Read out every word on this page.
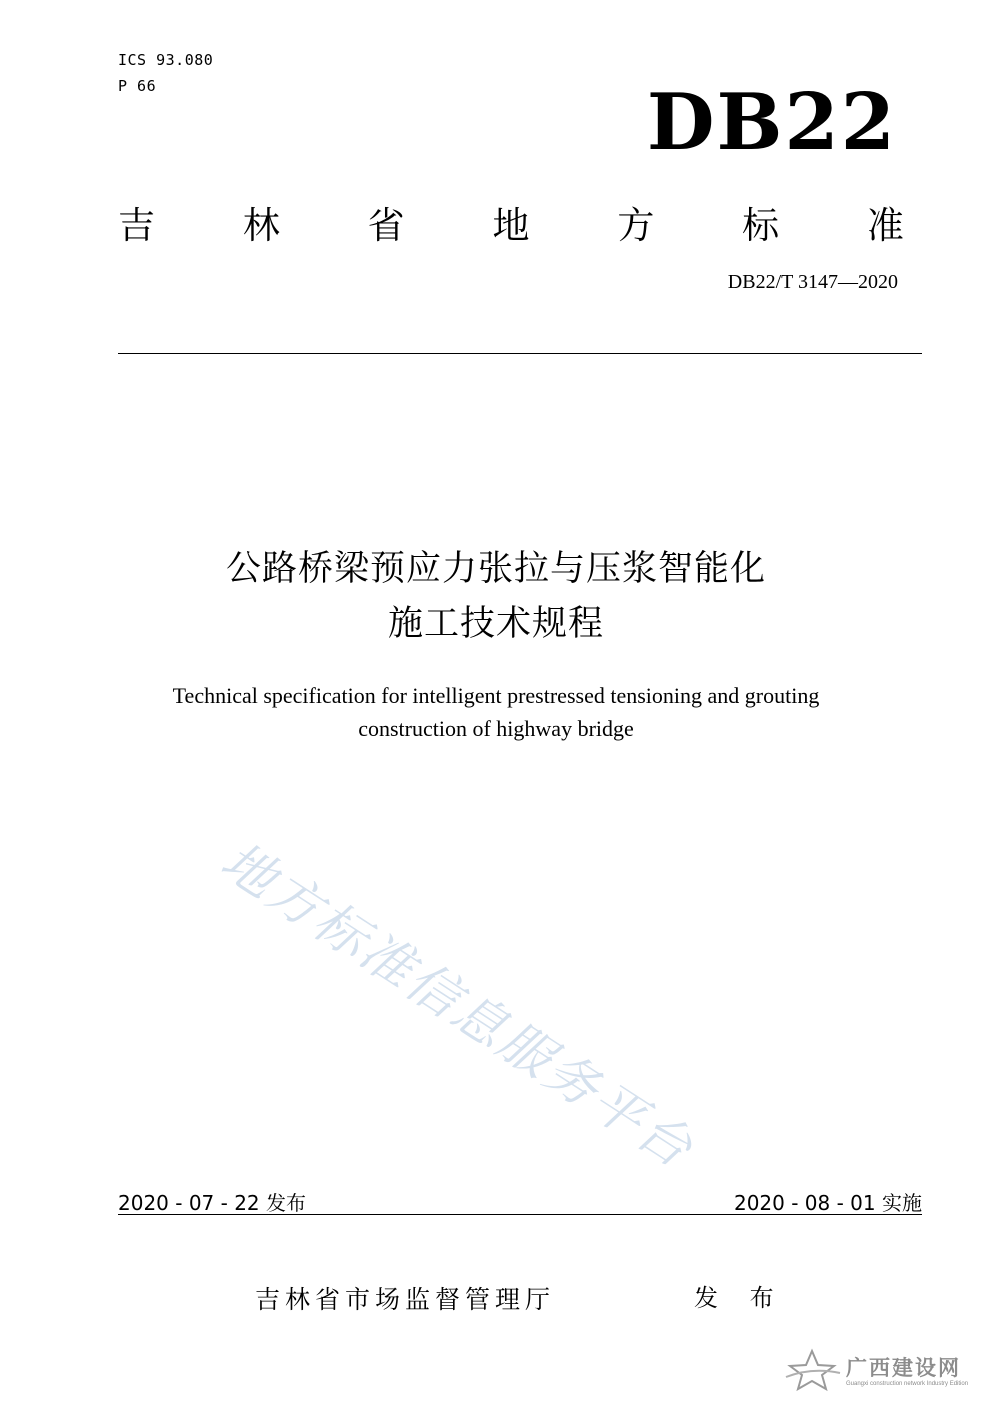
ICS 93.080
P 66	DB22
吉 林 省 地 方 标 准
DB22/T 3147—2020
公路桥梁预应力张拉与压浆智能化
施工技术规程
Technical specification for intelligent prestressed tensioning and grouting
construction of highway bridge
地方标准信息服务平台
2020 - 07 - 22 发布	2020 - 08 - 01 实施
吉林省市场监督管理厅	发 布
广西建设网
Guangxi construction network Industry Edition
